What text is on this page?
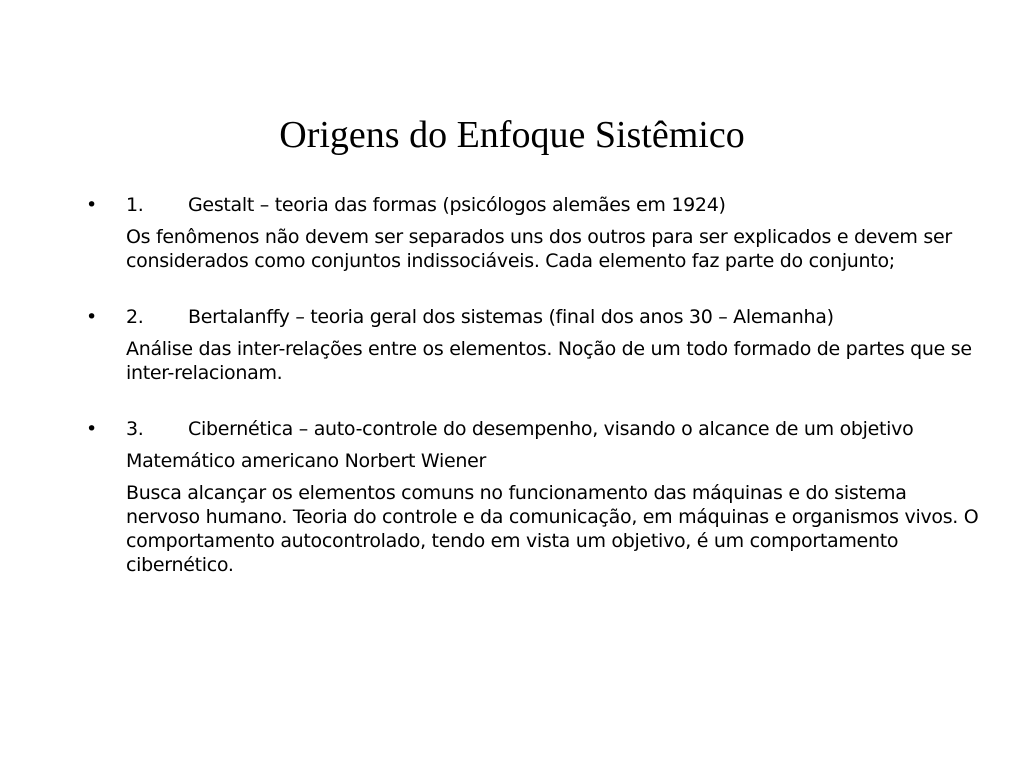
Origens do Enfoque Sistêmico
• 1. Gestalt – teoria das formas (psicólogos alemães em 1924)
Os fenômenos não devem ser separados uns dos outros para ser explicados e devem ser considerados como conjuntos indissociáveis. Cada elemento faz parte do conjunto;
• 2. Bertalanffy – teoria geral dos sistemas (final dos anos 30 – Alemanha)
Análise das inter-relações entre os elementos. Noção de um todo formado de partes que se inter-relacionam.
• 3. Cibernética – auto-controle do desempenho, visando o alcance de um objetivo
Matemático americano Norbert Wiener
Busca alcançar os elementos comuns no funcionamento das máquinas e do sistema nervoso humano. Teoria do controle e da comunicação, em máquinas e organismos vivos. O comportamento autocontrolado, tendo em vista um objetivo, é um comportamento cibernético.
